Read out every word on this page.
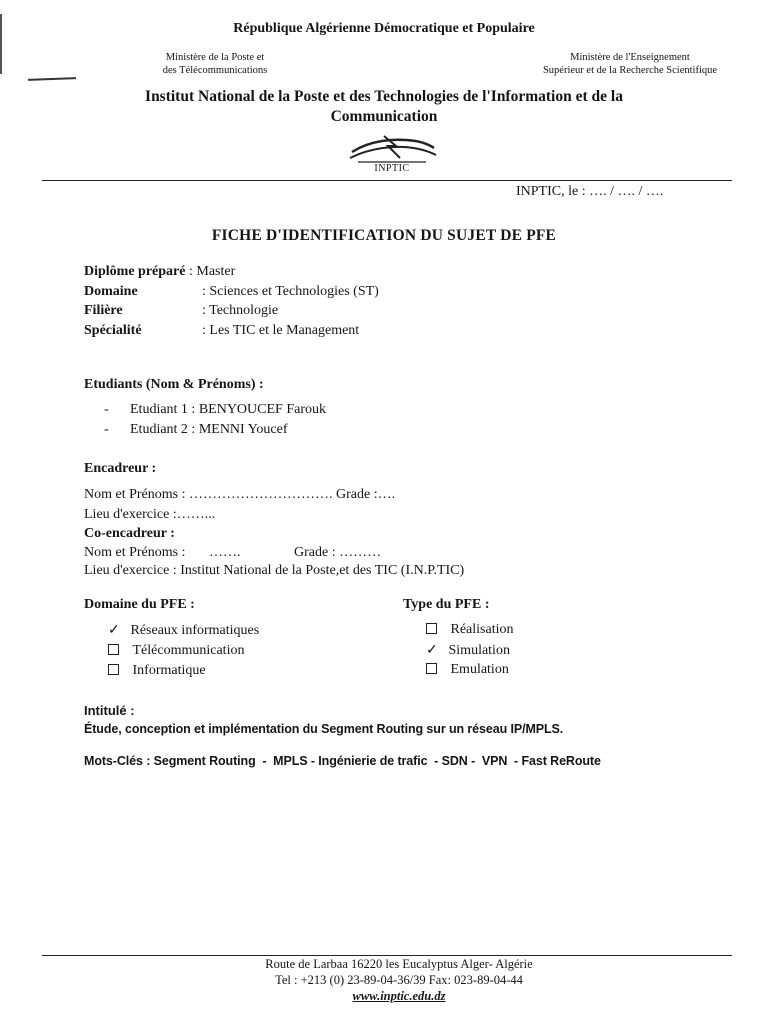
République Algérienne Démocratique et Populaire
Ministère de la Poste et
des Télécommunications
Ministère de l'Enseignement
Supérieur et de la Recherche Scientifique
Institut National de la Poste et des Technologies de l'Information et de la
Communication
INPTIC
INPTIC, le : …. / …. / ….
FICHE D'IDENTIFICATION DU SUJET DE PFE
Diplôme préparé : Master
Domaine	: Sciences et Technologies (ST)
Filière	: Technologie
Spécialité	: Les TIC et le Management
Etudiants (Nom & Prénoms) :
- Etudiant 1 : BENYOUCEF Farouk
- Etudiant 2 : MENNI Youcef
Encadreur :
Nom et Prénoms : …………………………. Grade :….
Lieu d'exercice :……...
Co-encadreur :
Nom et Prénoms : …….	Grade : ………
Lieu d'exercice : Institut National de la Poste,et des TIC (I.N.P.TIC)
Domaine du PFE :	Type du PFE :
✓ Réseaux informatiques
Télécommunication
Informatique
Réalisation
✓ Simulation
Emulation
Intitulé :
Étude, conception et implémentation du Segment Routing sur un réseau IP/MPLS.
Mots-Clés : Segment Routing  -  MPLS - Ingénierie de trafic  - SDN -  VPN  - Fast ReRoute
Route de Larbaa 16220 les Eucalyptus Alger- Algérie
Tel : +213 (0) 23-89-04-36/39 Fax: 023-89-04-44
www.inptic.edu.dz
